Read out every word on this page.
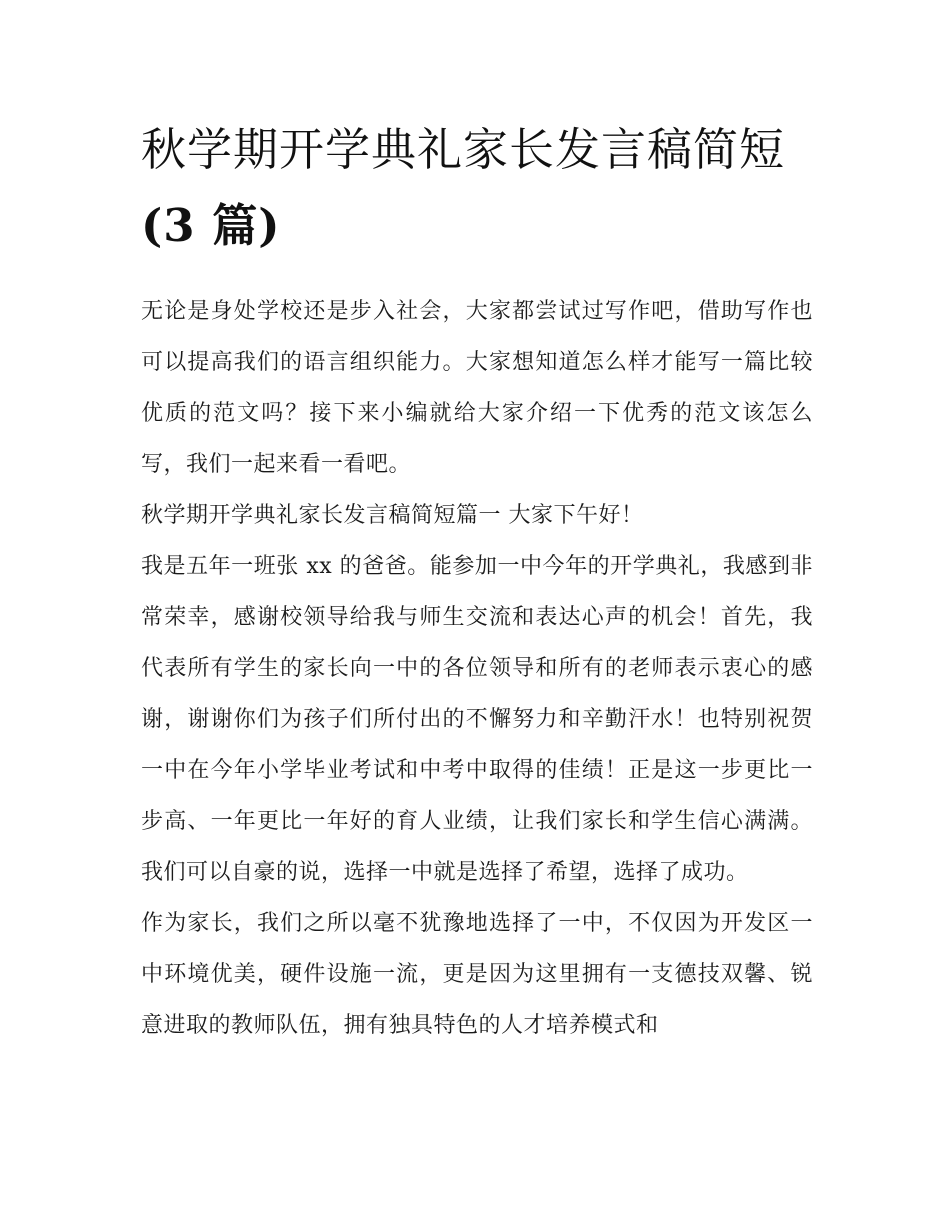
秋学期开学典礼家长发言稿简短(3 篇)

无论是身处学校还是步入社会，大家都尝试过写作吧，借助写作也可以提高我们的语言组织能力。大家想知道怎么样才能写一篇比较优质的范文吗？接下来小编就给大家介绍一下优秀的范文该怎么写，我们一起来看一看吧。

秋学期开学典礼家长发言稿简短篇一 大家下午好！

我是五年一班张 xx 的爸爸。能参加一中今年的开学典礼，我感到非常荣幸，感谢校领导给我与师生交流和表达心声的机会！首先，我代表所有学生的家长向一中的各位领导和所有的老师表示衷心的感谢，谢谢你们为孩子们所付出的不懈努力和辛勤汗水！也特别祝贺一中在今年小学毕业考试和中考中取得的佳绩！正是这一步更比一步高、一年更比一年好的育人业绩，让我们家长和学生信心满满。我们可以自豪的说，选择一中就是选择了希望，选择了成功。

作为家长，我们之所以毫不犹豫地选择了一中，不仅因为开发区一中环境优美，硬件设施一流，更是因为这里拥有一支德技双馨、锐意进取的教师队伍，拥有独具特色的人才培养模式和
